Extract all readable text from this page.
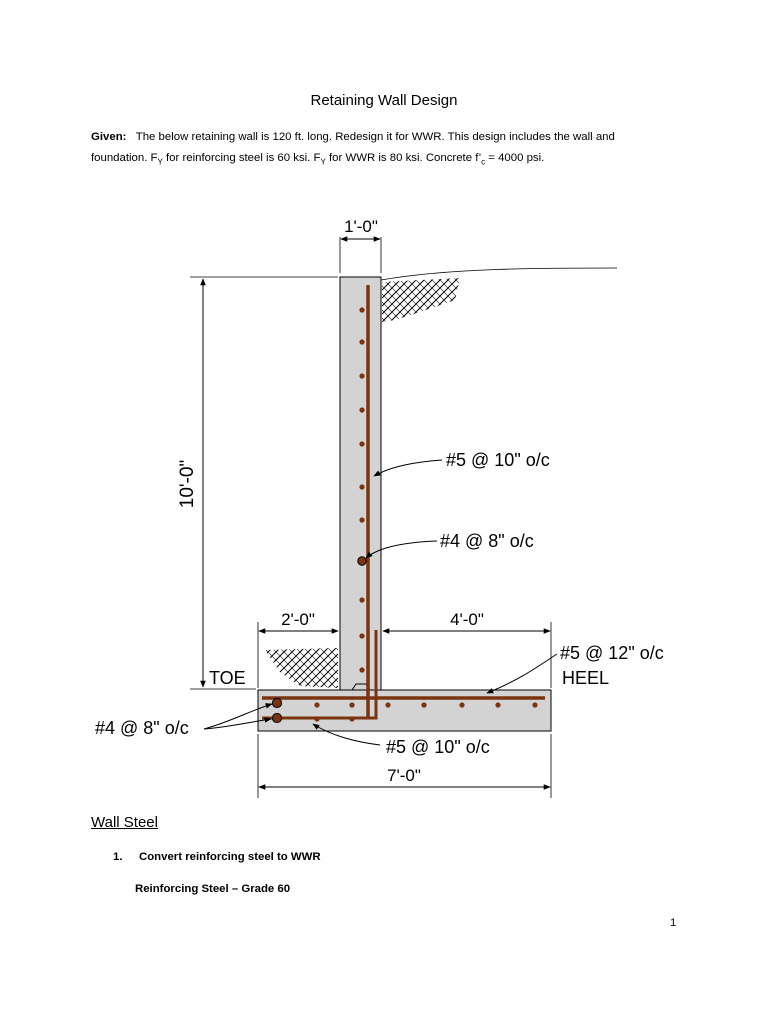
Retaining Wall Design
Given: The below retaining wall is 120 ft. long. Redesign it for WWR. This design includes the wall and
foundation. $F_Y$ for reinforcing steel is 60 ksi. $F_Y$ for WWR is 80 ksi. Concrete $f’_c = 4000$ psi.
1'-0"
10'-0"
2'-0"	4'-0"
7'-0"
TOE	HEEL
#5 @ 10" o/c
#4 @ 8" o/c
#5 @ 12" o/c
#4 @ 8" o/c
#5 @ 10" o/c
Wall Steel
1. Convert reinforcing steel to WWR
Reinforcing Steel – Grade 60
1
